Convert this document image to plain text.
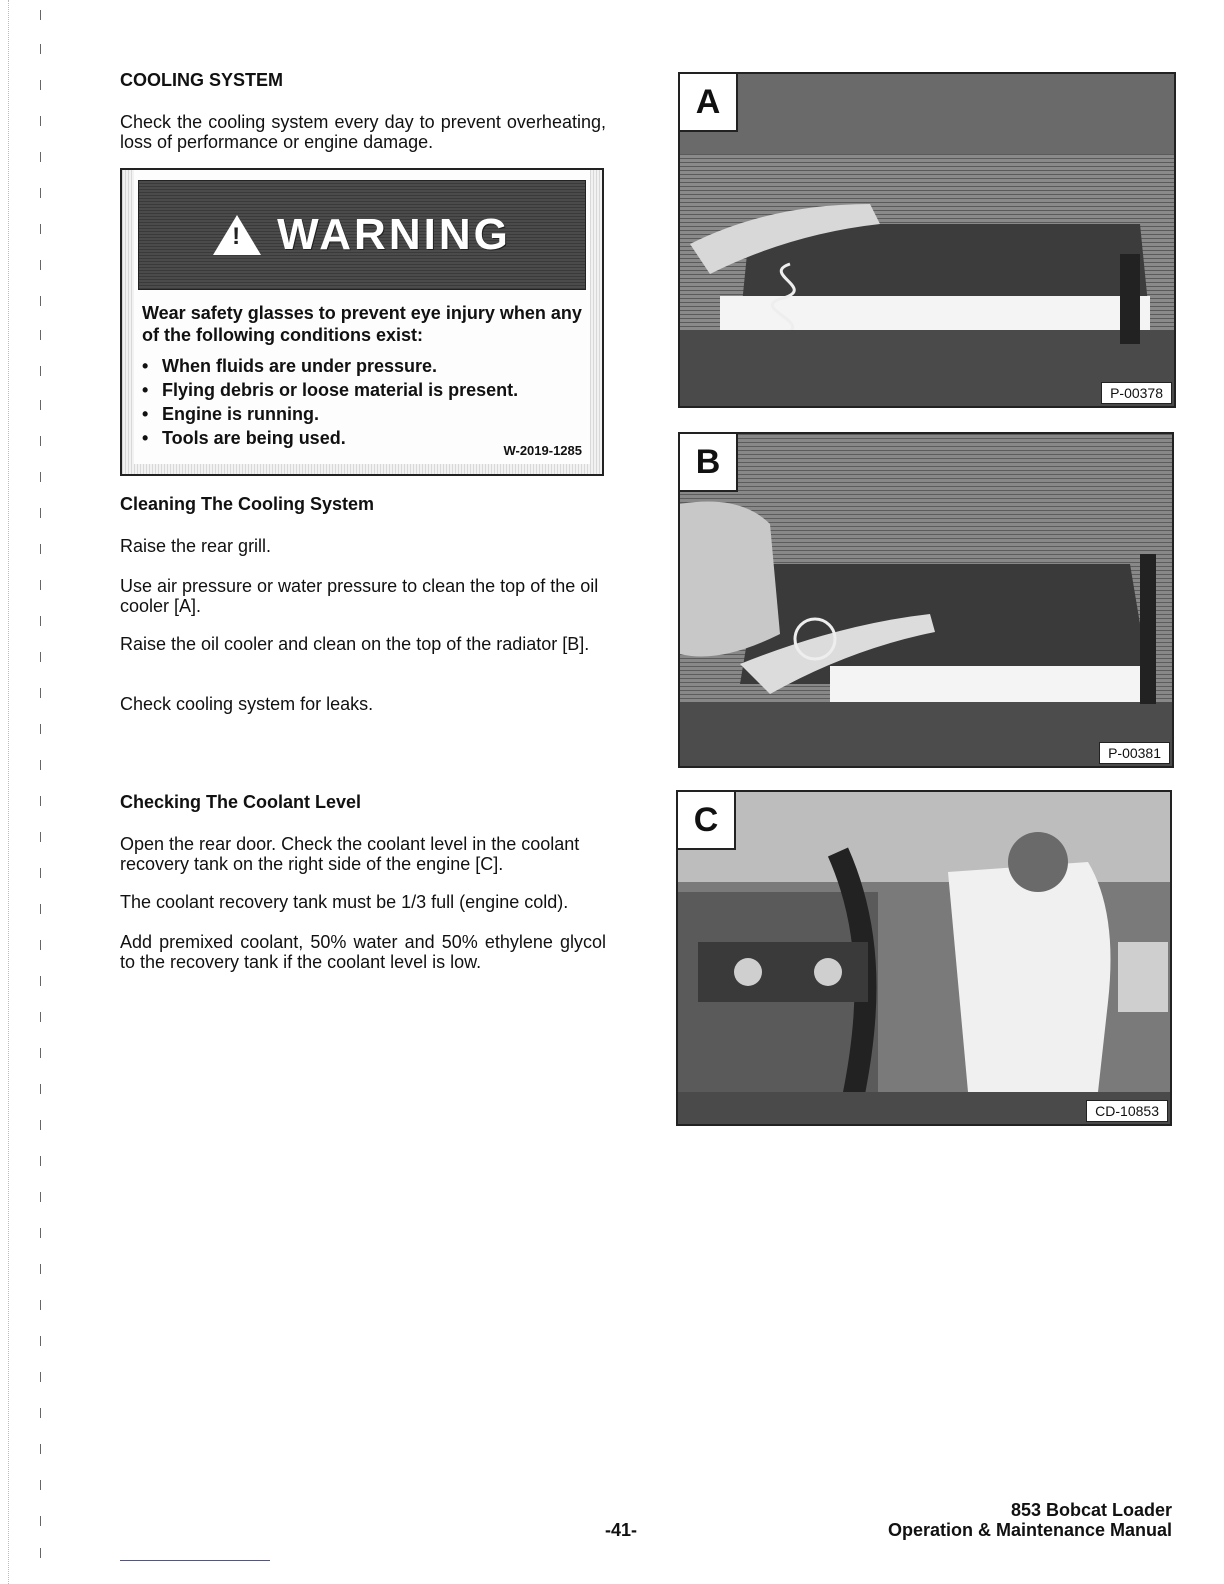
COOLING SYSTEM

Check the cooling system every day to prevent overheating, loss of performance or engine damage.

! WARNING
Wear safety glasses to prevent eye injury when any of the following conditions exist:
• When fluids are under pressure.
• Flying debris or loose material is present.
• Engine is running.
• Tools are being used.
W-2019-1285
Cleaning The Cooling System

Raise the rear grill.

Use air pressure or water pressure to clean the top of the oil cooler [A].

Raise the oil cooler and clean on the top of the radiator [B].

Check cooling system for leaks.

Checking The Coolant Level

Open the rear door. Check the coolant level in the coolant recovery tank on the right side of the engine [C].

The coolant recovery tank must be 1/3 full (engine cold).

Add premixed coolant, 50% water and 50% ethylene glycol to the recovery tank if the coolant level is low.

A
P-00378
B
P-00381
C
CD-10853
-41-
853 Bobcat Loader
Operation & Maintenance Manual
